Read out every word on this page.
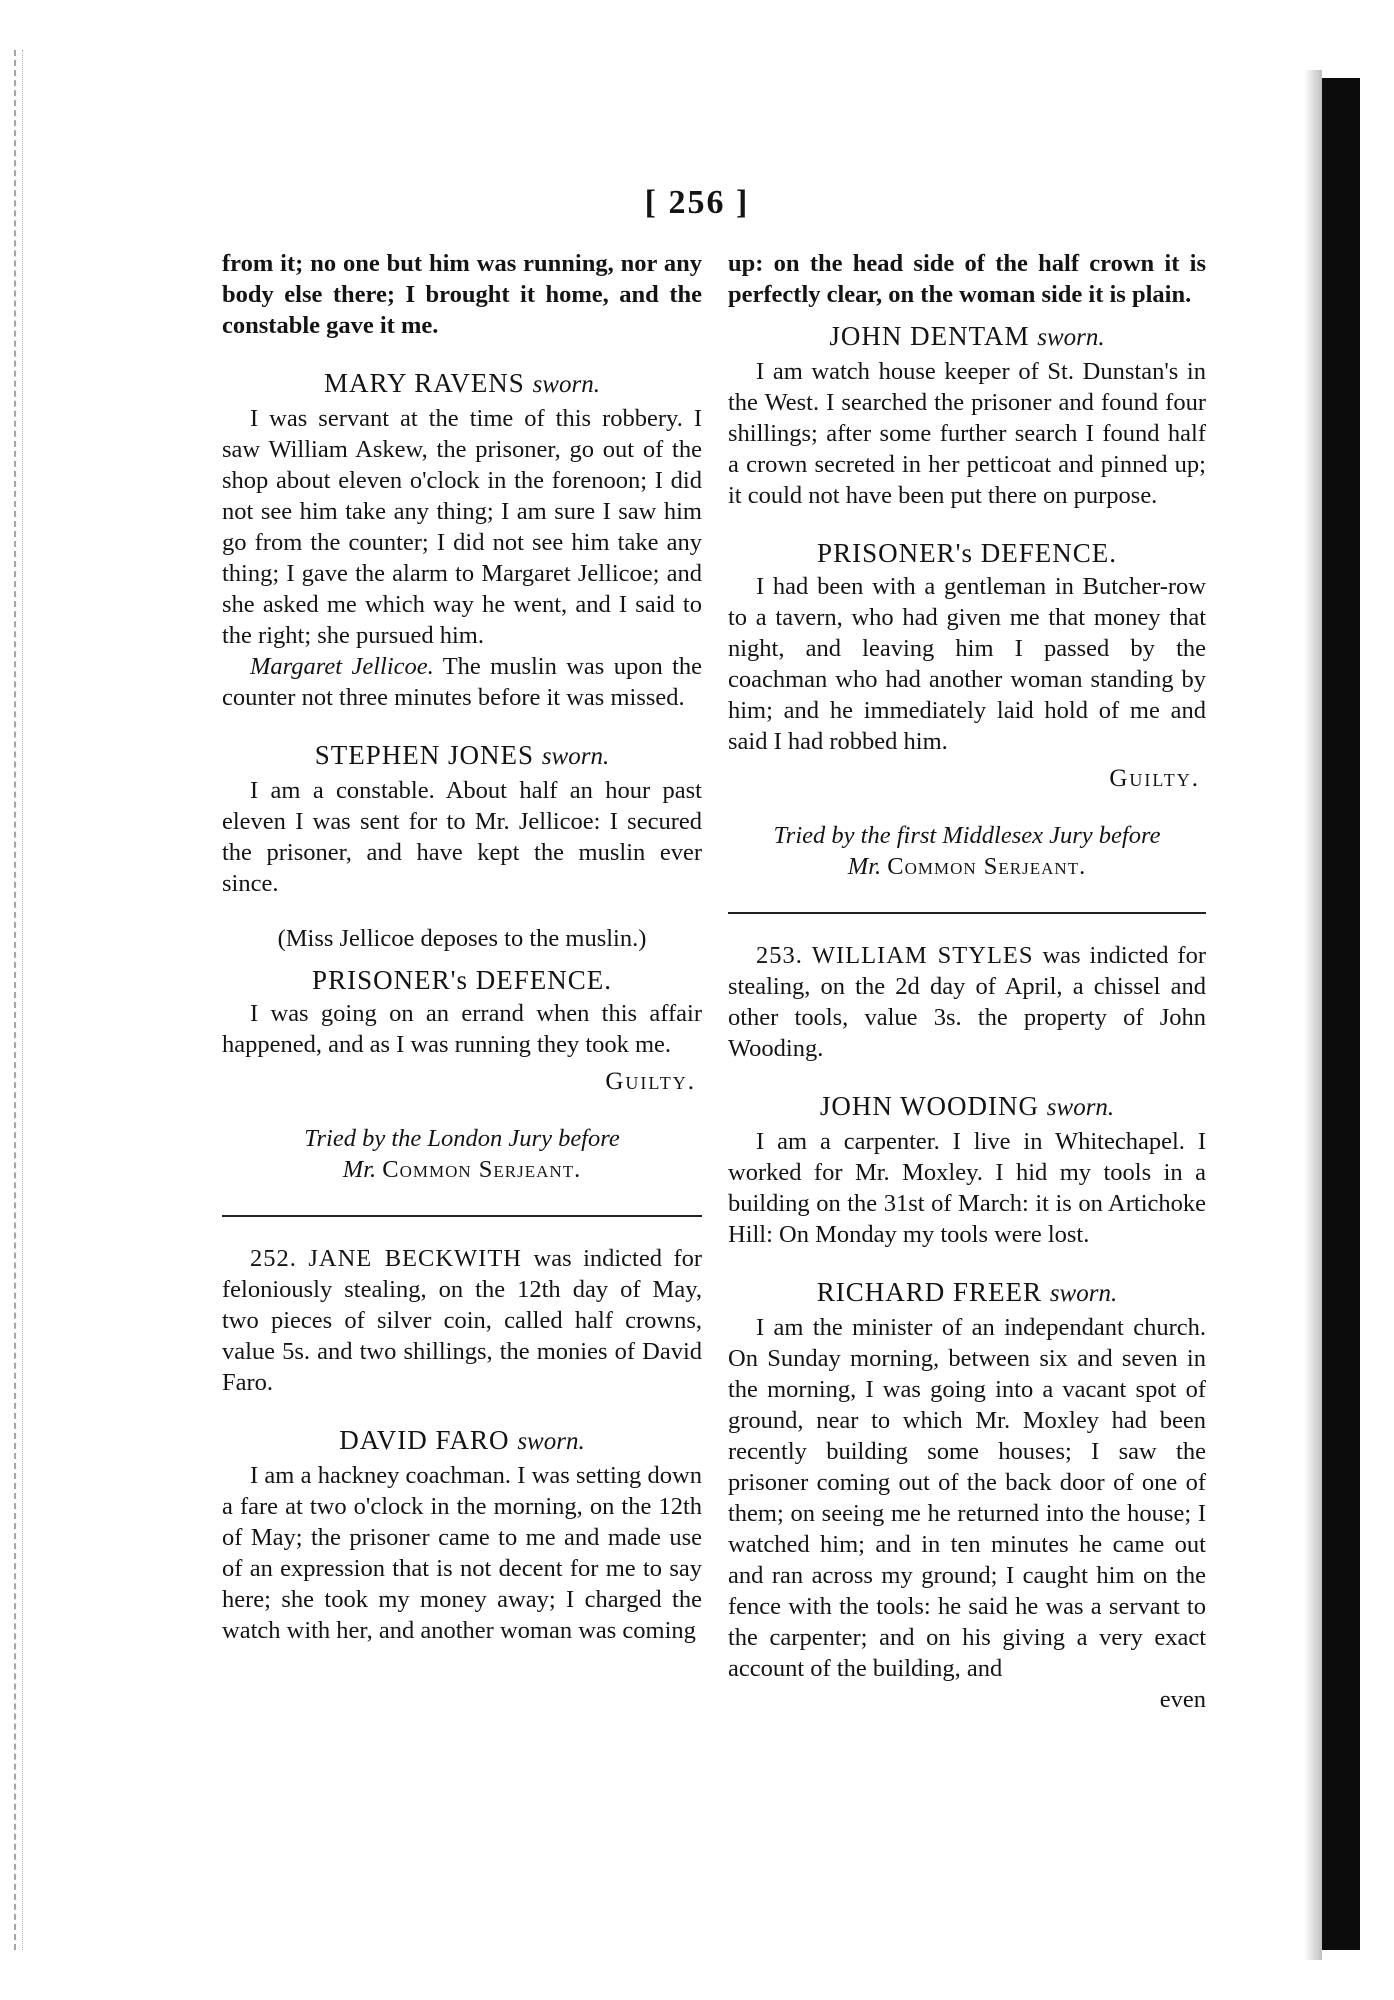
[ 256 ]

from it; no one but him was running, nor any body else there; I brought it home, and the constable gave it me.

MARY RAVENS sworn.

I was servant at the time of this robbery. I saw William Askew, the prisoner, go out of the shop about eleven o'clock in the forenoon; I did not see him take any thing; I am sure I saw him go from the counter; I did not see him take any thing; I gave the alarm to Margaret Jellicoe; and she asked me which way he went, and I said to the right; she pursued him.

Margaret Jellicoe. The muslin was upon the counter not three minutes before it was missed.

STEPHEN JONES sworn.

I am a constable. About half an hour past eleven I was sent for to Mr. Jellicoe: I secured the prisoner, and have kept the muslin ever since.

(Miss Jellicoe deposes to the muslin.)

PRISONER's DEFENCE.

I was going on an errand when this affair happened, and as I was running they took me.

Guilty.
Tried by the London Jury before
Mr. Common Serjeant.

252. JANE BECKWITH was indicted for feloniously stealing, on the 12th day of May, two pieces of silver coin, called half crowns, value 5s. and two shillings, the monies of David Faro.

DAVID FARO sworn.

I am a hackney coachman. I was setting down a fare at two o'clock in the morning, on the 12th of May; the prisoner came to me and made use of an expression that is not decent for me to say here; she took my money away; I charged the watch with her, and another woman was coming

up: on the head side of the half crown it is perfectly clear, on the woman side it is plain.

JOHN DENTAM sworn.

I am watch house keeper of St. Dunstan's in the West. I searched the prisoner and found four shillings; after some further search I found half a crown secreted in her petticoat and pinned up; it could not have been put there on purpose.

PRISONER's DEFENCE.

I had been with a gentleman in Butcher-row to a tavern, who had given me that money that night, and leaving him I passed by the coachman who had another woman standing by him; and he immediately laid hold of me and said I had robbed him.

Guilty.
Tried by the first Middlesex Jury before
Mr. Common Serjeant.

253. WILLIAM STYLES was indicted for stealing, on the 2d day of April, a chissel and other tools, value 3s. the property of John Wooding.

JOHN WOODING sworn.

I am a carpenter. I live in Whitechapel. I worked for Mr. Moxley. I hid my tools in a building on the 31st of March: it is on Artichoke Hill: On Monday my tools were lost.

RICHARD FREER sworn.

I am the minister of an independant church. On Sunday morning, between six and seven in the morning, I was going into a vacant spot of ground, near to which Mr. Moxley had been recently building some houses; I saw the prisoner coming out of the back door of one of them; on seeing me he returned into the house; I watched him; and in ten minutes he came out and ran across my ground; I caught him on the fence with the tools: he said he was a servant to the carpenter; and on his giving a very exact account of the building, and

even
